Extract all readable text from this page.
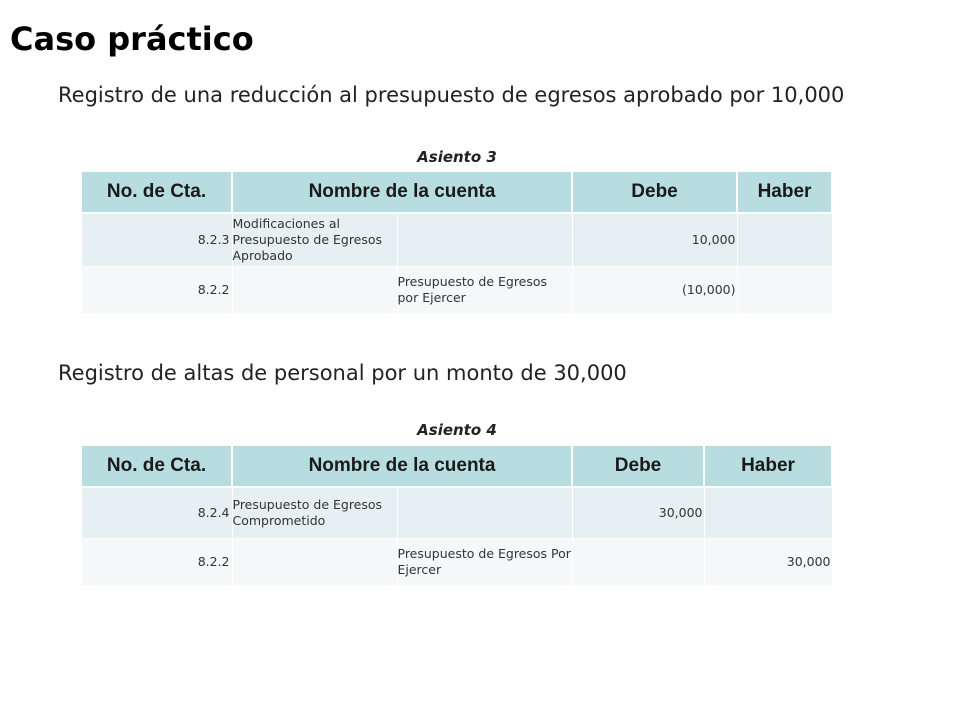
Caso práctico
Registro de una reducción al presupuesto de egresos aprobado por 10,000
Asiento 3
No. de Cta.	Nombre de la cuenta		Debe	Haber
8.2.3	Modificaciones al Presupuesto de Egresos Aprobado		10,000	
8.2.2		Presupuesto de Egresos por Ejercer	(10,000)	
Registro de altas de personal por un monto de 30,000
Asiento 4
No. de Cta.	Nombre de la cuenta		Debe	Haber
8.2.4	Presupuesto de Egresos Comprometido		30,000	
8.2.2		Presupuesto de Egresos Por Ejercer		30,000
